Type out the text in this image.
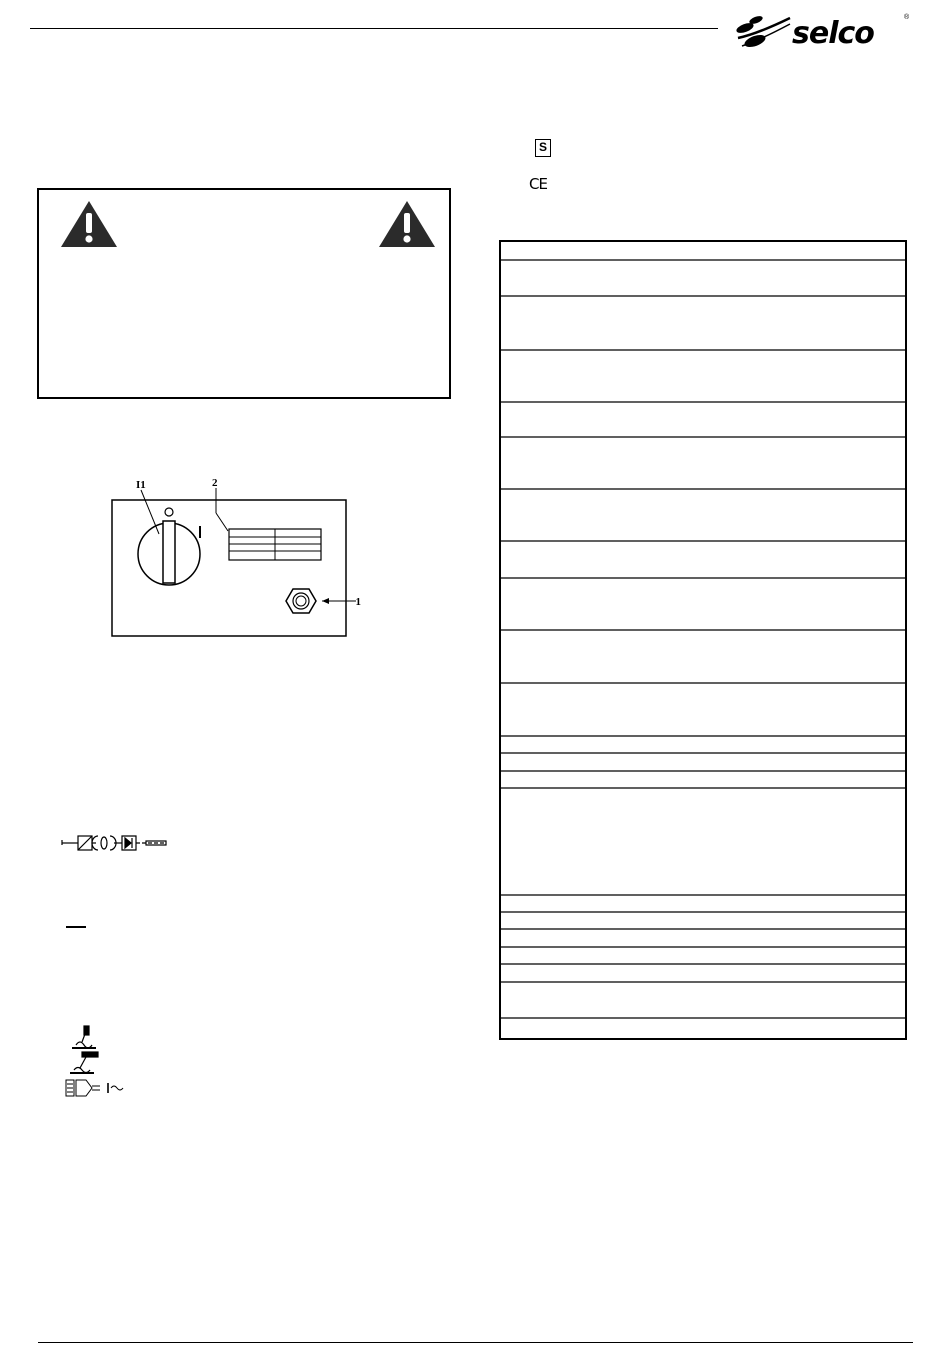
selco	®
I1	2
1
S
CE
